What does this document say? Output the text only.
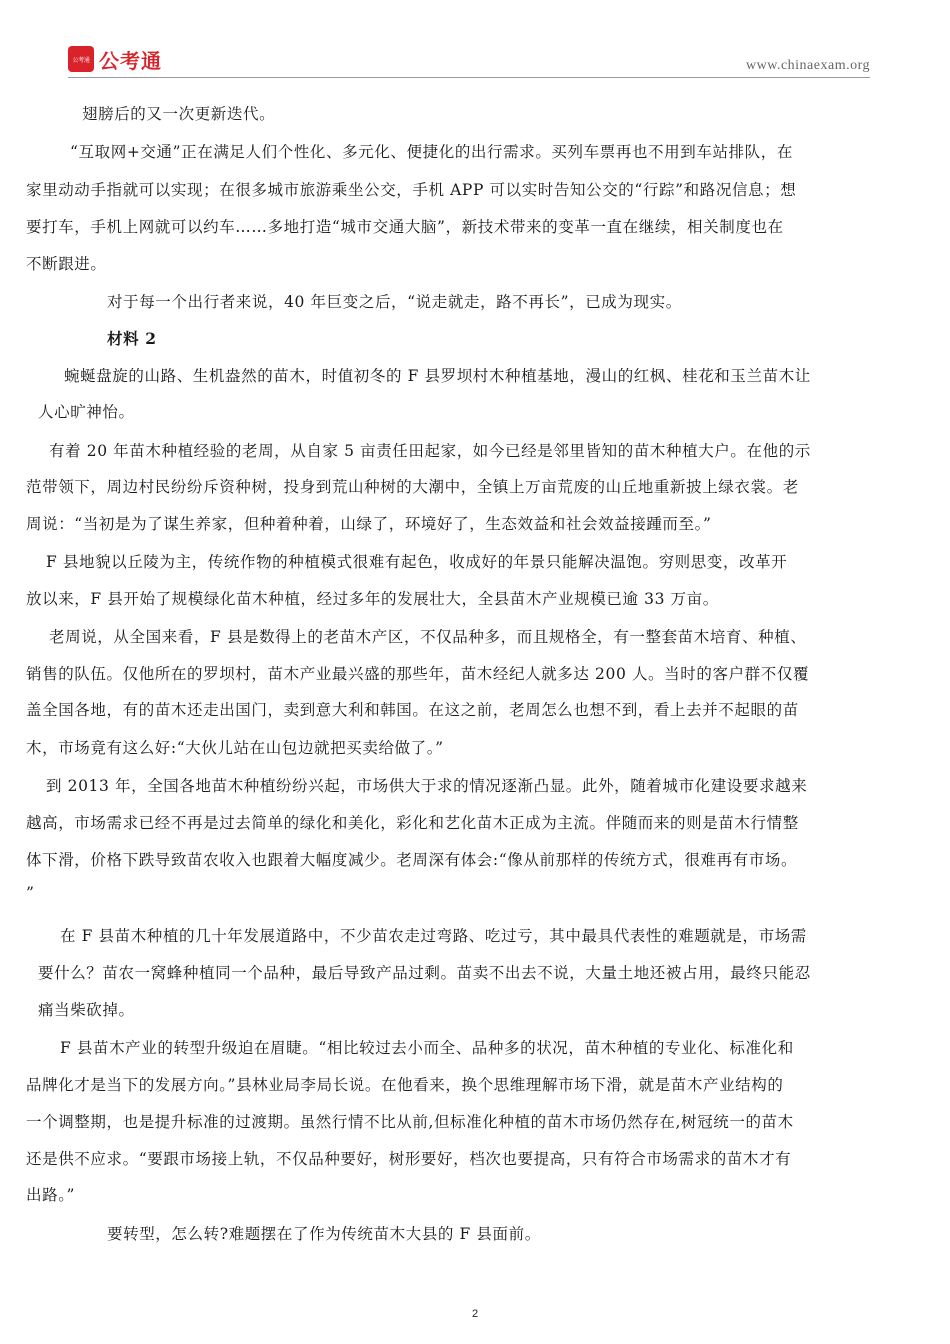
公考通 公考通	www.chinaexam.org
翅膀后的又一次更新迭代。
“互取网+交通”正在满足人们个性化、多元化、便捷化的出行需求。买列车票再也不用到车站排队，在
家里动动手指就可以实现；在很多城市旅游乘坐公交，手机 APP 可以实时告知公交的“行踪”和路况信息；想
要打车，手机上网就可以约车……多地打造“城市交通大脑”，新技术带来的变革一直在继续，相关制度也在
不断跟进。
对于每一个出行者来说，40 年巨变之后，“说走就走，路不再长”，已成为现实。
材料 2
蜿蜒盘旋的山路、生机盎然的苗木，时值初冬的 F 县罗坝村木种植基地，漫山的红枫、桂花和玉兰苗木让
人心旷神怡。
有着 20 年苗木种植经验的老周，从自家 5 亩责任田起家，如今已经是邻里皆知的苗木种植大户。在他的示
范带领下，周边村民纷纷斥资种树，投身到荒山种树的大潮中，全镇上万亩荒废的山丘地重新披上绿衣裳。老
周说：“当初是为了谋生养家，但种着种着，山绿了，环境好了，生态效益和社会效益接踵而至。”
F 县地貌以丘陵为主，传统作物的种植模式很难有起色，收成好的年景只能解决温饱。穷则思变，改革开
放以来，F 县开始了规模绿化苗木种植，经过多年的发展壮大，全县苗木产业规模已逾 33 万亩。
老周说，从全国来看，F 县是数得上的老苗木产区，不仅品种多，而且规格全，有一整套苗木培育、种植、
销售的队伍。仅他所在的罗坝村，苗木产业最兴盛的那些年，苗木经纪人就多达 200 人。当时的客户群不仅覆
盖全国各地，有的苗木还走出国门，卖到意大利和韩国。在这之前，老周怎么也想不到，看上去并不起眼的苗
木，市场竟有这么好:“大伙儿站在山包边就把买卖给做了。”
到 2013 年，全国各地苗木种植纷纷兴起，市场供大于求的情况逐渐凸显。此外，随着城市化建设要求越来
越高，市场需求已经不再是过去简单的绿化和美化，彩化和艺化苗木正成为主流。伴随而来的则是苗木行情整
体下滑，价格下跌导致苗农收入也跟着大幅度减少。老周深有体会:“像从前那样的传统方式，很难再有市场。
”
在 F 县苗木种植的几十年发展道路中，不少苗农走过弯路、吃过亏，其中最具代表性的难题就是，市场需
要什么？苗农一窝蜂种植同一个品种，最后导致产品过剩。苗卖不出去不说，大量土地还被占用，最终只能忍
痛当柴砍掉。
F 县苗木产业的转型升级迫在眉睫。“相比较过去小而全、品种多的状况，苗木种植的专业化、标准化和
品牌化才是当下的发展方向。”县林业局李局长说。在他看来，换个思维理解市场下滑，就是苗木产业结构的
一个调整期，也是提升标准的过渡期。虽然行情不比从前,但标准化种植的苗木市场仍然存在,树冠统一的苗木
还是供不应求。“要跟市场接上轨，不仅品种要好，树形要好，档次也要提高，只有符合市场需求的苗木才有
出路。”
要转型，怎么转?难题摆在了作为传统苗木大县的 F 县面前。
2
